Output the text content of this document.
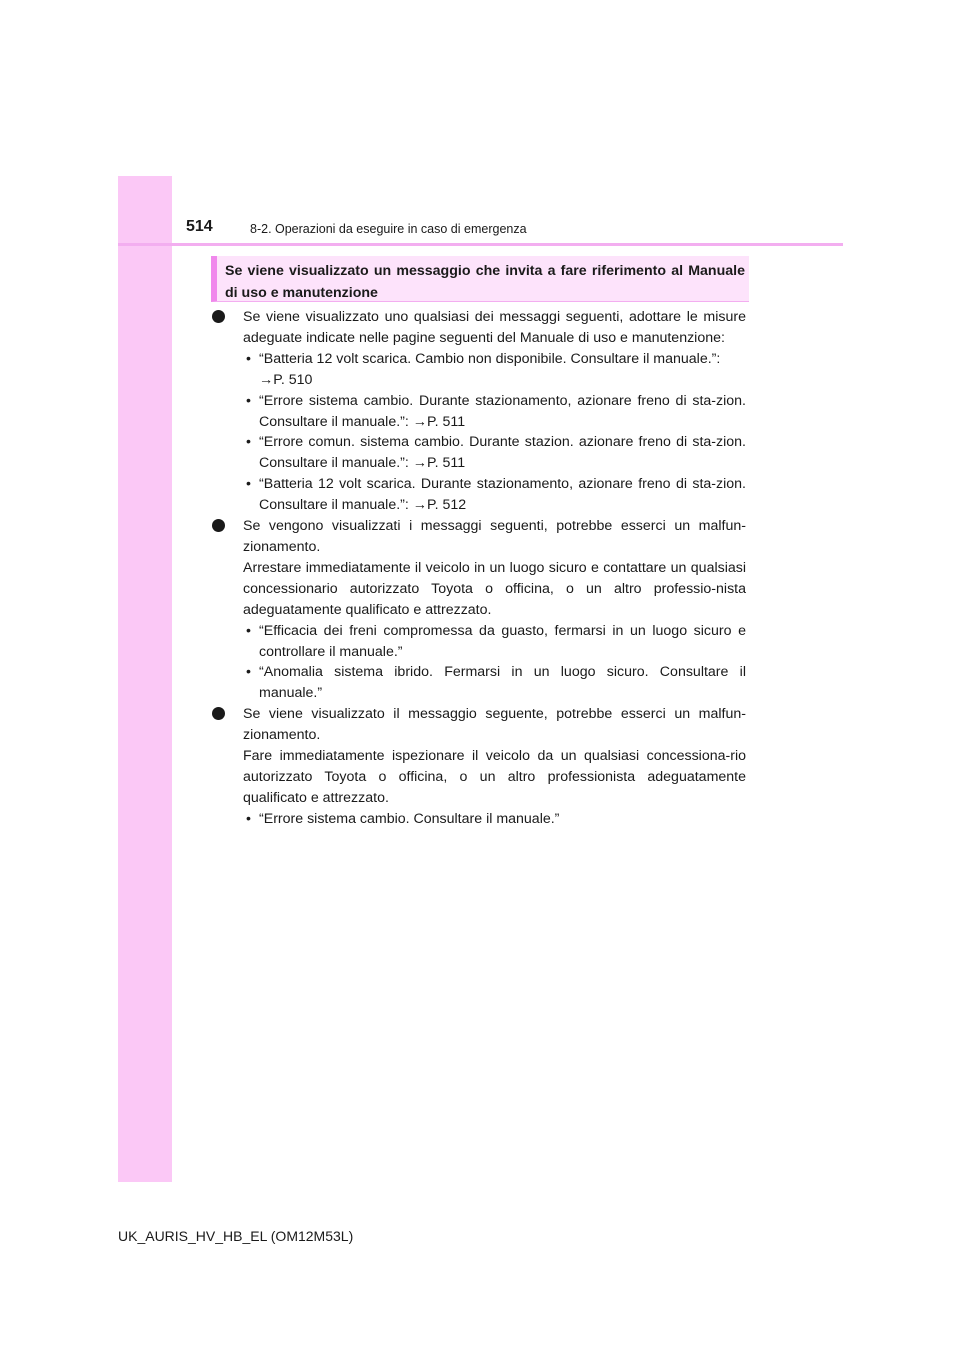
514	8-2. Operazioni da eseguire in caso di emergenza
Se viene visualizzato un messaggio che invita a fare riferimento al Manuale di uso e manutenzione
Se viene visualizzato uno qualsiasi dei messaggi seguenti, adottare le misure adeguate indicate nelle pagine seguenti del Manuale di uso e manutenzione:
• “Batteria 12 volt scarica. Cambio non disponibile. Consultare il manuale.”:
→P. 510
• “Errore sistema cambio. Durante stazionamento, azionare freno di sta-zion. Consultare il manuale.”: →P. 511
• “Errore comun. sistema cambio. Durante stazion. azionare freno di sta-zion. Consultare il manuale.”: →P. 511
• “Batteria 12 volt scarica. Durante stazionamento, azionare freno di sta-zion. Consultare il manuale.”: →P. 512
Se vengono visualizzati i messaggi seguenti, potrebbe esserci un malfun-zionamento.
Arrestare immediatamente il veicolo in un luogo sicuro e contattare un qualsiasi concessionario autorizzato Toyota o officina, o un altro professio-nista adeguatamente qualificato e attrezzato.
• “Efficacia dei freni compromessa da guasto, fermarsi in un luogo sicuro e controllare il manuale.”
• “Anomalia sistema ibrido. Fermarsi in un luogo sicuro. Consultare il manuale.”
Se viene visualizzato il messaggio seguente, potrebbe esserci un malfun-zionamento.
Fare immediatamente ispezionare il veicolo da un qualsiasi concessiona-rio autorizzato Toyota o officina, o un altro professionista adeguatamente qualificato e attrezzato.
• “Errore sistema cambio. Consultare il manuale.”
UK_AURIS_HV_HB_EL (OM12M53L)
